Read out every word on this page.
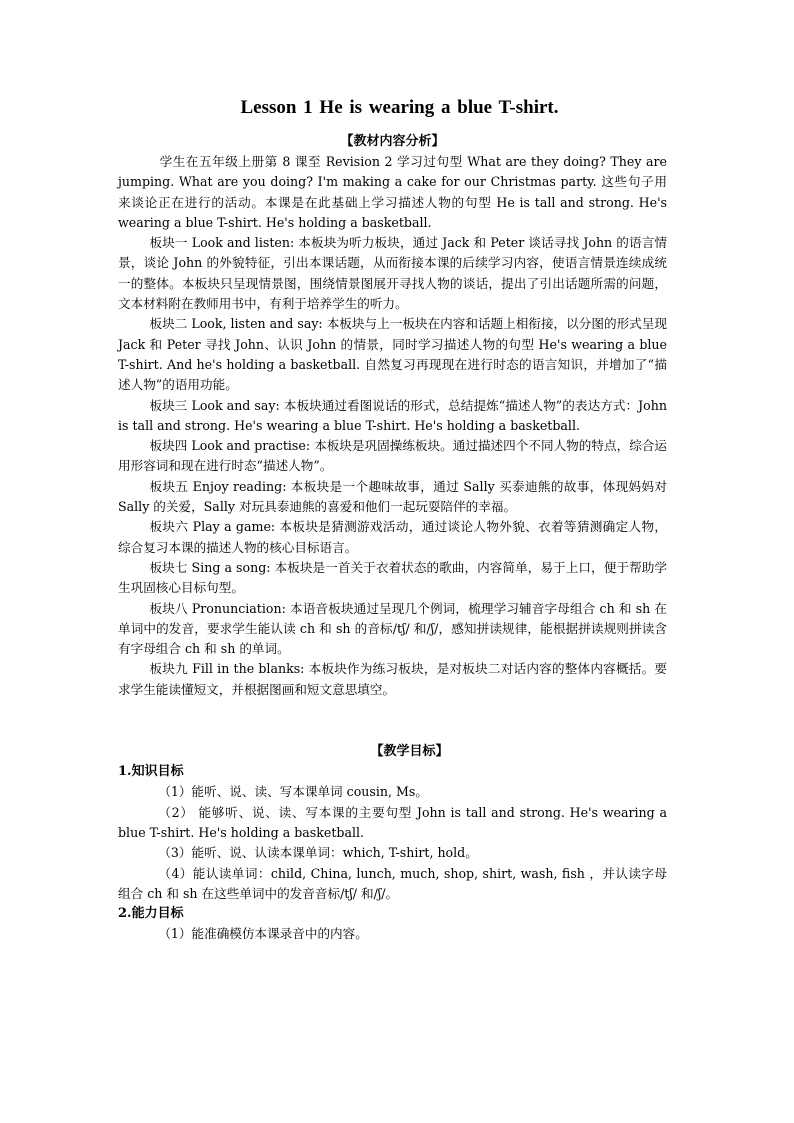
Lesson 1 He is wearing a blue T-shirt.
【教材内容分析】

学生在五年级上册第 8 课至 Revision 2 学习过句型 What are they doing? They are jumping. What are you doing? I'm making a cake for our Christmas party. 这些句子用来谈论正在进行的活动。本课是在此基础上学习描述人物的句型 He is tall and strong. He's wearing a blue T-shirt. He's holding a basketball.

板块一 Look and listen: 本板块为听力板块，通过 Jack 和 Peter 谈话寻找 John 的语言情景，谈论 John 的外貌特征，引出本课话题，从而衔接本课的后续学习内容，使语言情景连续成统一的整体。本板块只呈现情景图，围绕情景图展开寻找人物的谈话，提出了引出话题所需的问题，文本材料附在教师用书中，有利于培养学生的听力。

板块二 Look, listen and say: 本板块与上一板块在内容和话题上相衔接，以分图的形式呈现 Jack 和 Peter 寻找 John、认识 John 的情景，同时学习描述人物的句型 He's wearing a blue T-shirt. And he's holding a basketball. 自然复习再现现在进行时态的语言知识，并增加了“描述人物”的语用功能。

板块三 Look and say: 本板块通过看图说话的形式，总结提炼“描述人物”的表达方式：John is tall and strong. He's wearing a blue T-shirt. He's holding a basketball.

板块四 Look and practise: 本板块是巩固操练板块。通过描述四个不同人物的特点，综合运用形容词和现在进行时态“描述人物”。

板块五 Enjoy reading: 本板块是一个趣味故事，通过 Sally 买泰迪熊的故事，体现妈妈对 Sally 的关爱，Sally 对玩具泰迪熊的喜爱和他们一起玩耍陪伴的幸福。

板块六 Play a game: 本板块是猜测游戏活动，通过谈论人物外貌、衣着等猜测确定人物，综合复习本课的描述人物的核心目标语言。

板块七 Sing a song: 本板块是一首关于衣着状态的歌曲，内容简单，易于上口，便于帮助学生巩固核心目标句型。

板块八 Pronunciation: 本语音板块通过呈现几个例词，梳理学习辅音字母组合 ch 和 sh 在单词中的发音，要求学生能认读 ch 和 sh 的音标/tʃ/ 和/ʃ/，感知拼读规律，能根据拼读规则拼读含有字母组合 ch 和 sh 的单词。

板块九 Fill in the blanks: 本板块作为练习板块，是对板块二对话内容的整体内容概括。要求学生能读懂短文，并根据图画和短文意思填空。

【教学目标】
1.知识目标

（1）能听、说、读、写本课单词 cousin, Ms。

（2） 能够听、说、读、写本课的主要句型 John is tall and strong. He's wearing a blue T-shirt. He's holding a basketball.

（3）能听、说、认读本课单词：which, T-shirt, hold。

（4）能认读单词：child, China, lunch, much, shop, shirt, wash, fish ，并认读字母组合 ch 和 sh 在这些单词中的发音音标/tʃ/ 和/ʃ/。

2.能力目标

（1）能准确模仿本课录音中的内容。
